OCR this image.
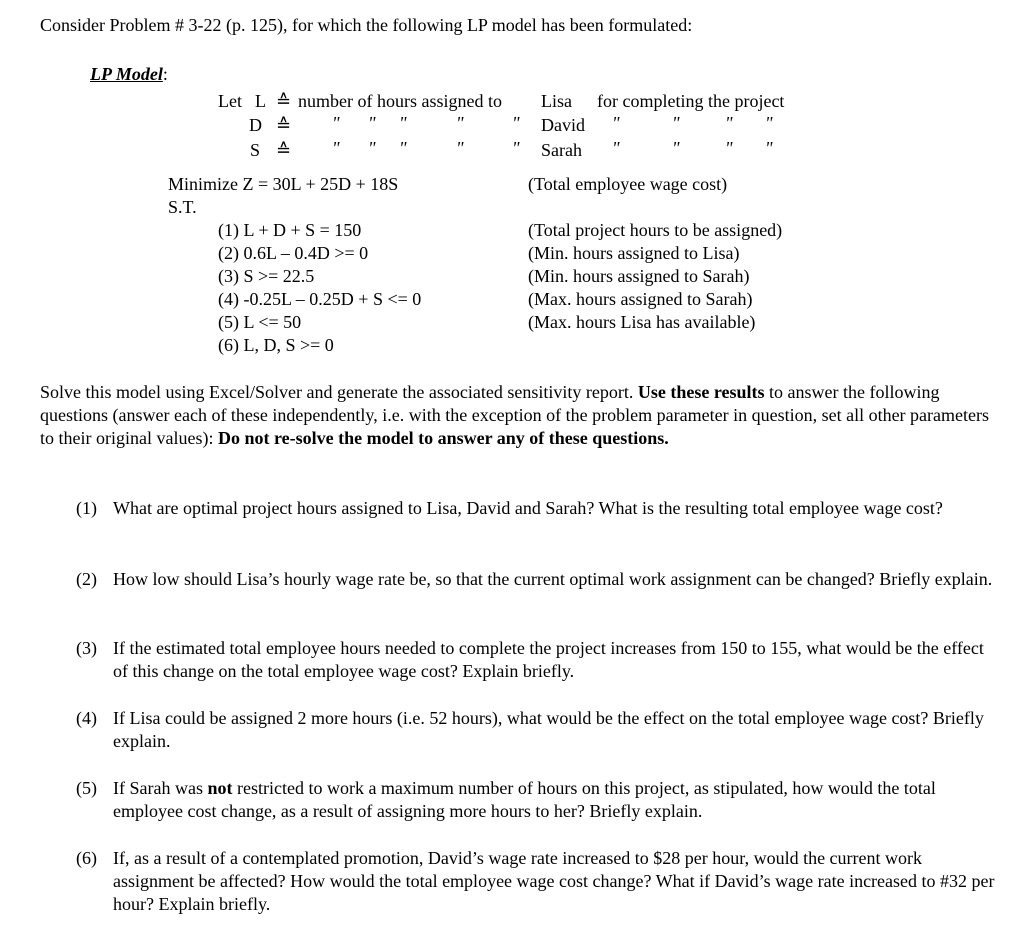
Consider Problem # 3-22 (p. 125), for which the following LP model has been formulated:
LP Model:
Let L ≙ number of hours assigned to Lisa for completing the project
D ≙ " " "	"	" David "	"	" "
S ≙ " " "	"	" Sarah "	"	" "
Minimize Z = 30L + 25D + 18S	(Total employee wage cost)
S.T.
(1) L + D + S = 150	(Total project hours to be assigned)
(2) 0.6L – 0.4D >= 0	(Min. hours assigned to Lisa)
(3) S >= 22.5	(Min. hours assigned to Sarah)
(4) -0.25L – 0.25D + S <= 0	(Max. hours assigned to Sarah)
(5) L <= 50	(Max. hours Lisa has available)
(6) L, D, S >= 0
Solve this model using Excel/Solver and generate the associated sensitivity report. Use these results to answer the following questions (answer each of these independently, i.e. with the exception of the problem parameter in question, set all other parameters to their original values): Do not re-solve the model to answer any of these questions.
(1) What are optimal project hours assigned to Lisa, David and Sarah? What is the resulting total employee wage cost?
(2) How low should Lisa’s hourly wage rate be, so that the current optimal work assignment can be changed? Briefly explain.
(3) If the estimated total employee hours needed to complete the project increases from 150 to 155, what would be the effect of this change on the total employee wage cost? Explain briefly.
(4) If Lisa could be assigned 2 more hours (i.e. 52 hours), what would be the effect on the total employee wage cost? Briefly explain.
(5) If Sarah was not restricted to work a maximum number of hours on this project, as stipulated, how would the total employee cost change, as a result of assigning more hours to her? Briefly explain.
(6) If, as a result of a contemplated promotion, David’s wage rate increased to $28 per hour, would the current work assignment be affected? How would the total employee wage cost change? What if David’s wage rate increased to #32 per hour? Explain briefly.
